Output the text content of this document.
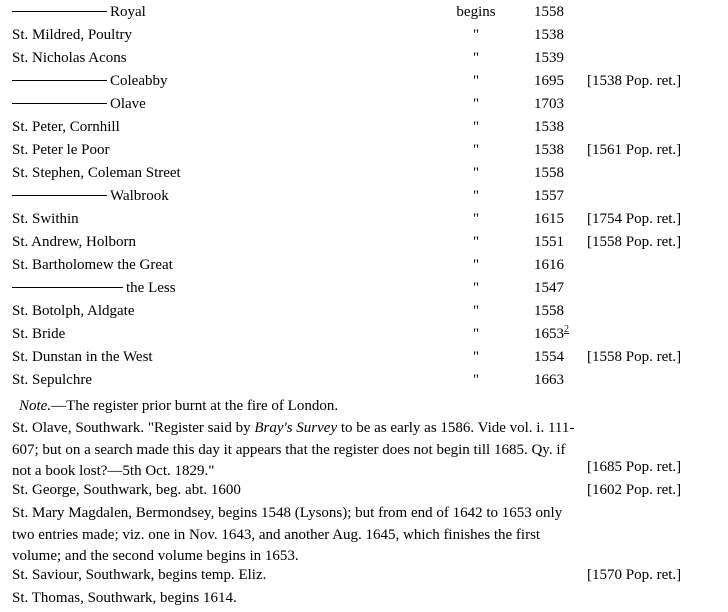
Royal	begins	1558
St. Mildred, Poultry	"	1538
St. Nicholas Acons	"	1539
Coleabby	"	1695 [1538 Pop. ret.]
Olave	"	1703
St. Peter, Cornhill	"	1538
St. Peter le Poor	"	1538 [1561 Pop. ret.]
St. Stephen, Coleman Street	"	1558
Walbrook	"	1557
St. Swithin	"	1615 [1754 Pop. ret.]
St. Andrew, Holborn	"	1551 [1558 Pop. ret.]
St. Bartholomew the Great	"	1616
the Less	"	1547
St. Botolph, Aldgate	"	1558
St. Bride	"	1653$^2$
St. Dunstan in the West	"	1554 [1558 Pop. ret.]
St. Sepulchre	"	1663
Note.—The register prior burnt at the fire of London.
St. Olave, Southwark. "Register said by Bray's Survey to be as early as 1586. Vide vol. i. 111-607; but on a search made this day it appears that the register does not begin till 1685. Qy. if not a book lost?—5th Oct. 1829."	[1685 Pop. ret.]
St. George, Southwark, beg. abt. 1600	[1602 Pop. ret.]
St. Mary Magdalen, Bermondsey, begins 1548 (Lysons); but from end of 1642 to 1653 only two entries made; viz. one in Nov. 1643, and another Aug. 1645, which finishes the first volume; and the second volume begins in 1653.
St. Saviour, Southwark, begins temp. Eliz.	[1570 Pop. ret.]
St. Thomas, Southwark, begins 1614.
